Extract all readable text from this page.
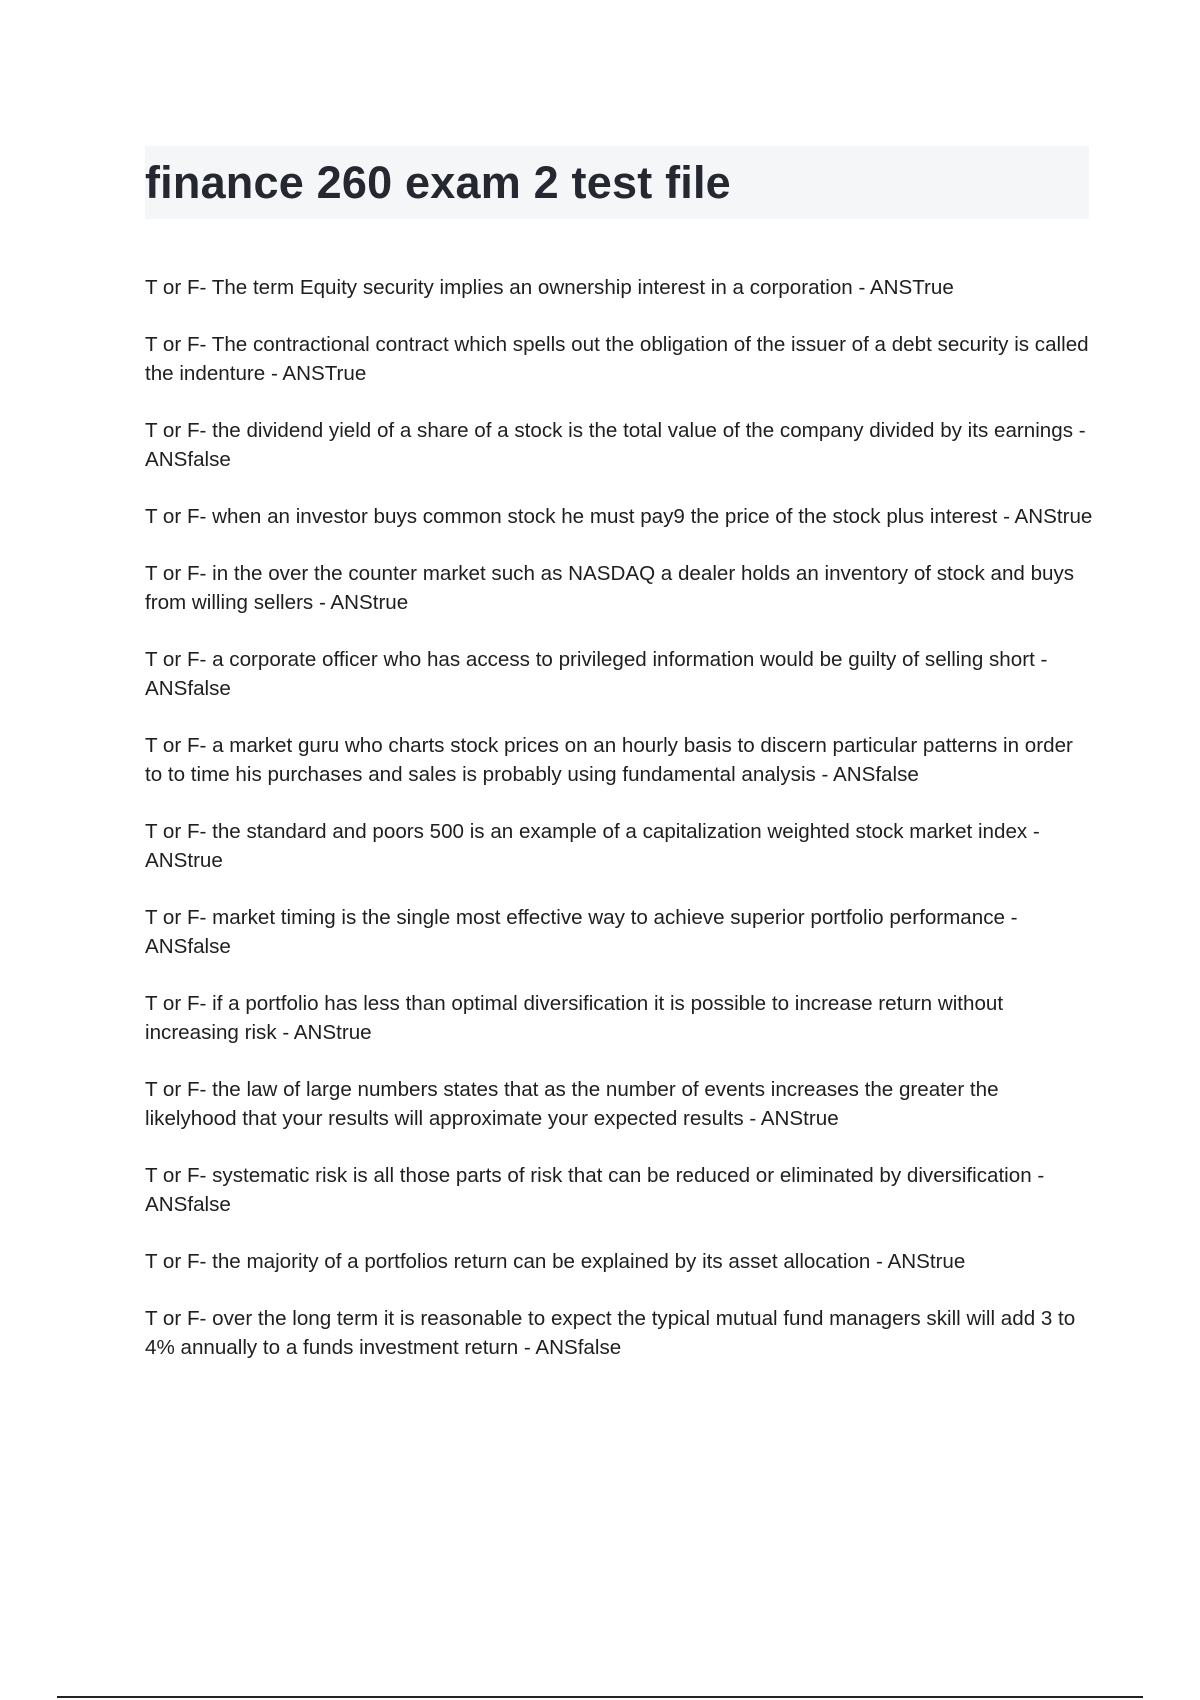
finance 260 exam 2 test file
T or F- The term Equity security implies an ownership interest in a corporation - ANSTrue
T or F- The contractional contract which spells out the obligation of the issuer of a debt security is called the indenture - ANSTrue
T or F- the dividend yield of a share of a stock is the total value of the company divided by its earnings - ANSfalse
T or F- when an investor buys common stock he must pay9 the price of the stock plus interest - ANStrue
T or F- in the over the counter market such as NASDAQ a dealer holds an inventory of stock and buys from willing sellers - ANStrue
T or F- a corporate officer who has access to privileged information would be guilty of selling short - ANSfalse
T or F- a market guru who charts stock prices on an hourly basis to discern particular patterns in order to to time his purchases and sales is probably using fundamental analysis - ANSfalse
T or F- the standard and poors 500 is an example of a capitalization weighted stock market index - ANStrue
T or F- market timing is the single most effective way to achieve superior portfolio performance - ANSfalse
T or F- if a portfolio has less than optimal diversification it is possible to increase return without increasing risk - ANStrue
T or F- the law of large numbers states that as the number of events increases the greater the likelyhood that your results will approximate your expected results - ANStrue
T or F- systematic risk is all those parts of risk that can be reduced or eliminated by diversification - ANSfalse
T or F- the majority of a portfolios return can be explained by its asset allocation - ANStrue
T or F- over the long term it is reasonable to expect the typical mutual fund managers skill will add 3 to 4% annually to a funds investment return - ANSfalse
